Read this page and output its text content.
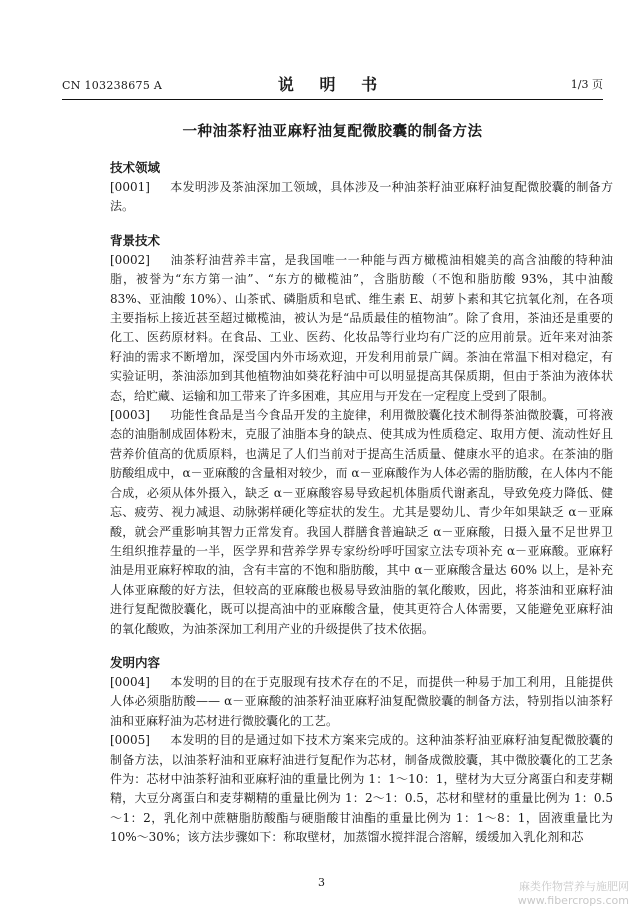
CN 103238675 A	说 明 书	1/3 页
一种油茶籽油亚麻籽油复配微胶囊的制备方法
技术领域

[0001] 本发明涉及茶油深加工领域，具体涉及一种油茶籽油亚麻籽油复配微胶囊的制备方法。

背景技术

[0002] 油茶籽油营养丰富，是我国唯一一种能与西方橄榄油相媲美的高含油酸的特种油脂，被誉为“东方第一油”、“东方的橄榄油”，含脂肪酸（不饱和脂肪酸 93%，其中油酸 83%、亚油酸 10%）、山茶甙、磷脂质和皂甙、维生素 E、胡萝卜素和其它抗氧化剂，在各项主要指标上接近甚至超过橄榄油，被认为是“品质最佳的植物油”。除了食用，茶油还是重要的化工、医药原材料。在食品、工业、医药、化妆品等行业均有广泛的应用前景。近年来对油茶籽油的需求不断增加，深受国内外市场欢迎，开发利用前景广阔。茶油在常温下相对稳定，有实验证明，茶油添加到其他植物油如葵花籽油中可以明显提高其保质期，但由于茶油为液体状态，给贮藏、运输和加工带来了许多困难，其应用与开发在一定程度上受到了限制。

[0003] 功能性食品是当今食品开发的主旋律，利用微胶囊化技术制得茶油微胶囊，可将液态的油脂制成固体粉末，克服了油脂本身的缺点、使其成为性质稳定、取用方便、流动性好且营养价值高的优质原料，也满足了人们当前对于提高生活质量、健康水平的追求。在茶油的脂肪酸组成中，α－亚麻酸的含量相对较少，而 α－亚麻酸作为人体必需的脂肪酸，在人体内不能合成，必须从体外摄入，缺乏 α－亚麻酸容易导致起机体脂质代谢紊乱，导致免疫力降低、健忘、疲劳、视力减退、动脉粥样硬化等症状的发生。尤其是婴幼儿、青少年如果缺乏 α－亚麻酸，就会严重影响其智力正常发育。我国人群膳食普遍缺乏 α－亚麻酸，日摄入量不足世界卫生组织推荐量的一半，医学界和营养学界专家纷纷呼吁国家立法专项补充 α－亚麻酸。亚麻籽油是用亚麻籽榨取的油，含有丰富的不饱和脂肪酸，其中 α－亚麻酸含量达 60% 以上，是补充人体亚麻酸的好方法，但较高的亚麻酸也极易导致油脂的氧化酸败，因此，将茶油和亚麻籽油进行复配微胶囊化，既可以提高油中的亚麻酸含量，使其更符合人体需要，又能避免亚麻籽油的氧化酸败，为油茶深加工利用产业的升级提供了技术依据。

发明内容

[0004] 本发明的目的在于克服现有技术存在的不足，而提供一种易于加工利用，且能提供人体必须脂肪酸—— α－亚麻酸的油茶籽油亚麻籽油复配微胶囊的制备方法，特别指以油茶籽油和亚麻籽油为芯材进行微胶囊化的工艺。

[0005] 本发明的目的是通过如下技术方案来完成的。这种油茶籽油亚麻籽油复配微胶囊的制备方法，以油茶籽油和亚麻籽油进行复配作为芯材，制备成微胶囊，其中微胶囊化的工艺条件为：芯材中油茶籽油和亚麻籽油的重量比例为 1：1～10：1，壁材为大豆分离蛋白和麦芽糊精，大豆分离蛋白和麦芽糊精的重量比例为 1：2～1：0.5，芯材和壁材的重量比例为 1：0.5～1：2，乳化剂中蔗糖脂肪酸酯与硬脂酸甘油酯的重量比例为 1：1～8：1，固液重量比为 10%～30%；该方法步骤如下：称取壁材，加蒸馏水搅拌混合溶解，缓缓加入乳化剂和芯

3	麻类作物营养与施肥网
www.fibercrops.com
